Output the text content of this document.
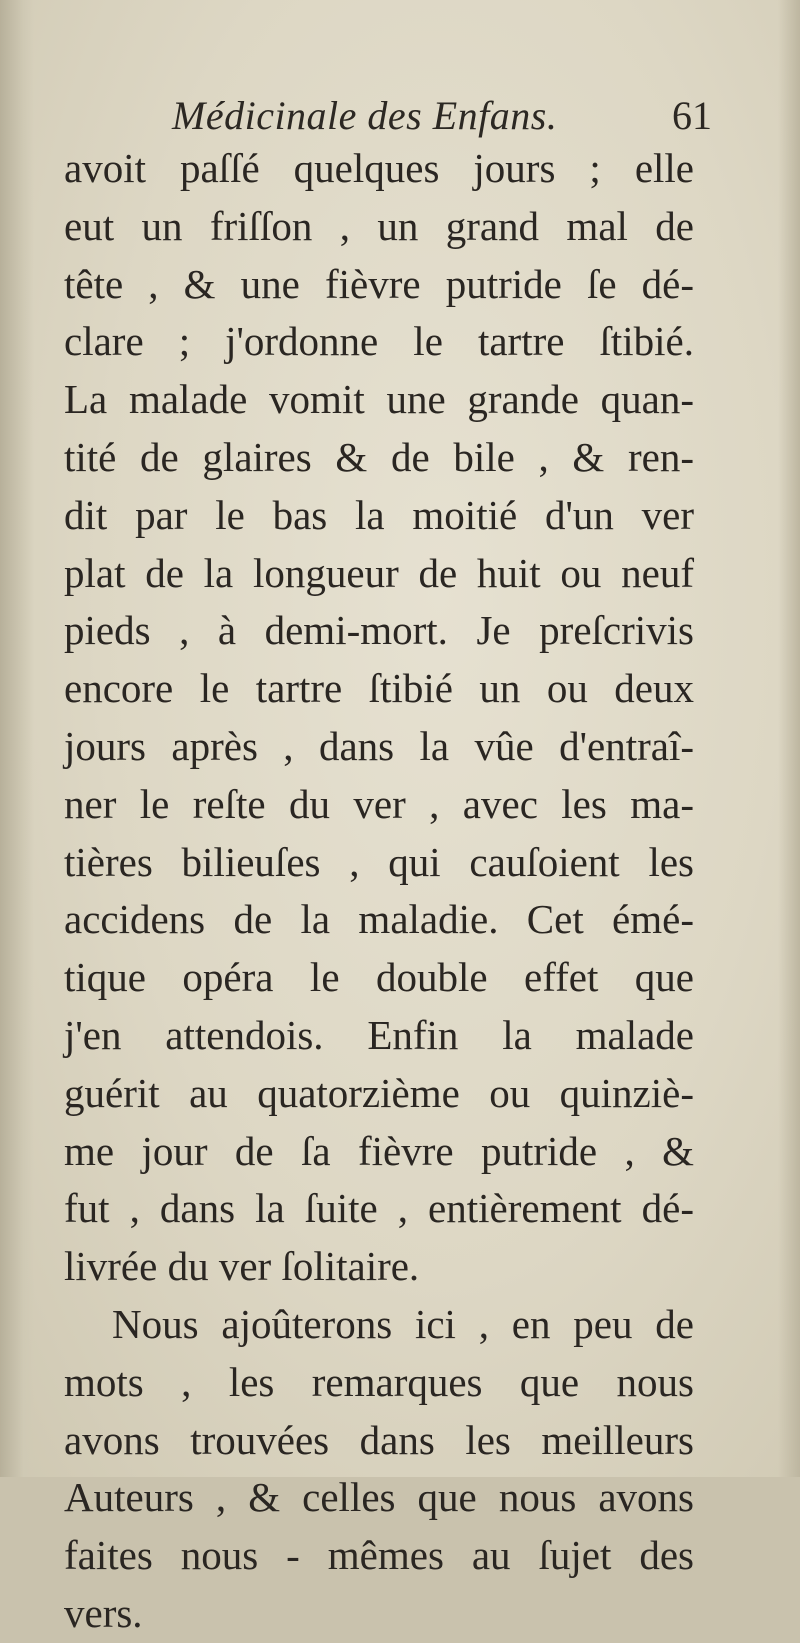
Médicinale des Enfans.	61
avoit paſſé quelques jours ; elle
eut un friſſon , un grand mal de
tête , & une fièvre putride ſe dé-
clare ; j'ordonne le tartre ſtibié.
La malade vomit une grande quan-
tité de glaires & de bile , & ren-
dit par le bas la moitié d'un ver
plat de la longueur de huit ou neuf
pieds , à demi-mort. Je preſcrivis
encore le tartre ſtibié un ou deux
jours après , dans la vûe d'entraî-
ner le reſte du ver , avec les ma-
tières bilieuſes , qui cauſoient les
accidens de la maladie. Cet émé-
tique opéra le double effet que
j'en attendois. Enfin la malade
guérit au quatorzième ou quinziè-
me jour de ſa fièvre putride , &
fut , dans la ſuite , entièrement dé-
livrée du ver ſolitaire.
Nous ajoûterons ici , en peu de
mots , les remarques que nous
avons trouvées dans les meilleurs
Auteurs , & celles que nous avons
faites nous - mêmes au ſujet des
vers.
